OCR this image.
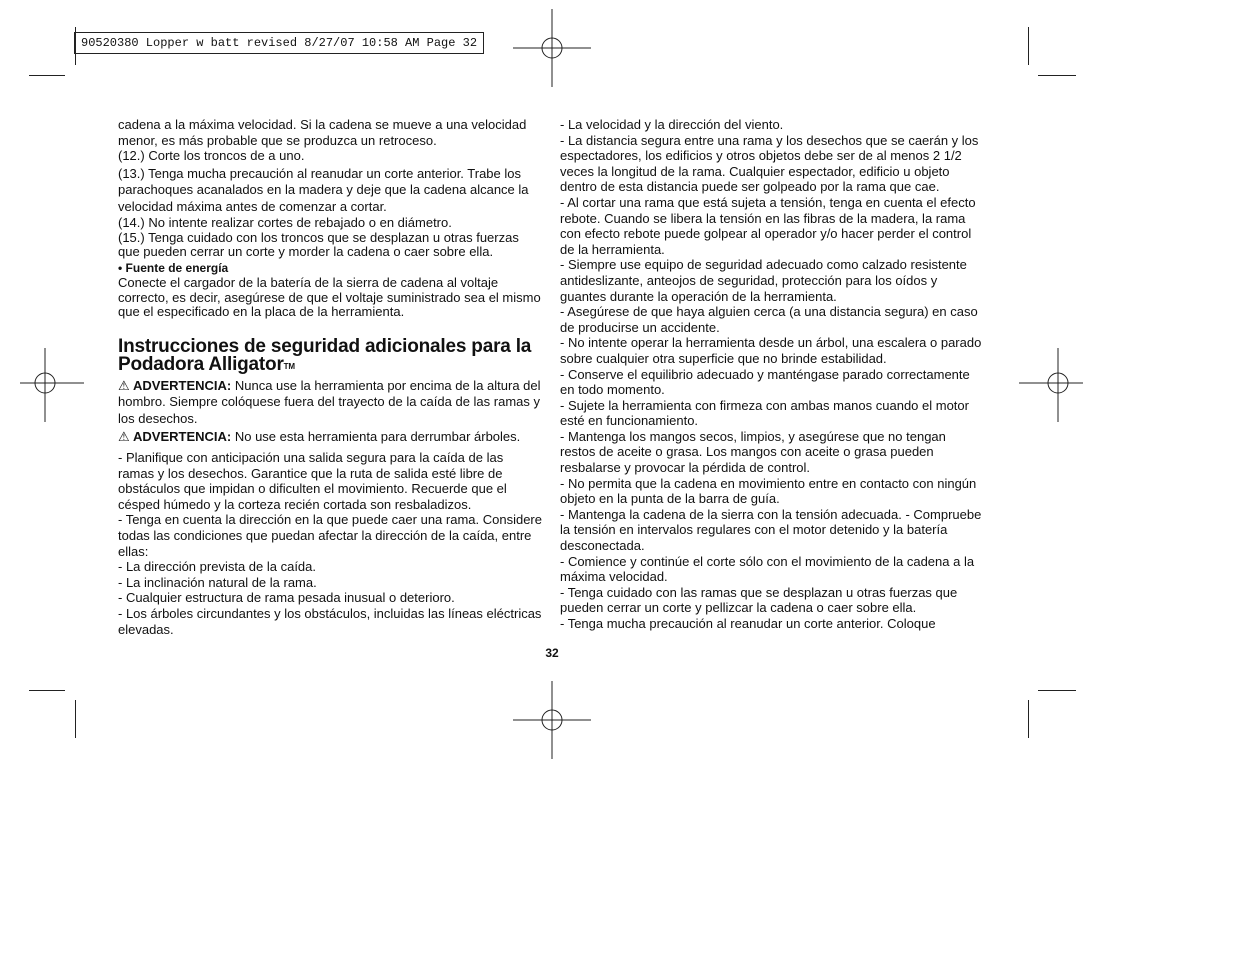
90520380 Lopper w batt revised 8/27/07 10:58 AM Page 32

cadena a la máxima velocidad. Si la cadena se mueve a una velocidad menor, es más probable que se produzca un retroceso.

(12.) Corte los troncos de a uno.

(13.) Tenga mucha precaución al reanudar un corte anterior. Trabe los parachoques acanalados en la madera y deje que la cadena alcance la velocidad máxima antes de comenzar a cortar.

(14.) No intente realizar cortes de rebajado o en diámetro.

(15.) Tenga cuidado con los troncos que se desplazan u otras fuerzas que pueden cerrar un corte y morder la cadena o caer sobre ella.

• Fuente de energía

Conecte el cargador de la batería de la sierra de cadena al voltaje correcto, es decir, asegúrese de que el voltaje suministrado sea el mismo que el especificado en la placa de la herramienta.

Instrucciones de seguridad adicionales para la Podadora AlligatorTM

⚠ ADVERTENCIA: Nunca use la herramienta por encima de la altura del hombro. Siempre colóquese fuera del trayecto de la caída de las ramas y los desechos.

⚠ ADVERTENCIA: No use esta herramienta para derrumbar árboles.

- Planifique con anticipación una salida segura para la caída de las ramas y los desechos. Garantice que la ruta de salida esté libre de obstáculos que impidan o dificulten el movimiento. Recuerde que el césped húmedo y la corteza recién cortada son resbaladizos.

- Tenga en cuenta la dirección en la que puede caer una rama. Considere todas las condiciones que puedan afectar la dirección de la caída, entre ellas:

- La dirección prevista de la caída.

- La inclinación natural de la rama.

- Cualquier estructura de rama pesada inusual o deterioro.

- Los árboles circundantes y los obstáculos, incluidas las líneas eléctricas elevadas.

- La velocidad y la dirección del viento.

- La distancia segura entre una rama y los desechos que se caerán y los espectadores, los edificios y otros objetos debe ser de al menos 2 1/2 veces la longitud de la rama. Cualquier espectador, edificio u objeto dentro de esta distancia puede ser golpeado por la rama que cae.

- Al cortar una rama que está sujeta a tensión, tenga en cuenta el efecto rebote. Cuando se libera la tensión en las fibras de la madera, la rama con efecto rebote puede golpear al operador y/o hacer perder el control de la herramienta.

- Siempre use equipo de seguridad adecuado como calzado resistente antideslizante, anteojos de seguridad, protección para los oídos y guantes durante la operación de la herramienta.

- Asegúrese de que haya alguien cerca (a una distancia segura) en caso de producirse un accidente.

- No intente operar la herramienta desde un árbol, una escalera o parado sobre cualquier otra superficie que no brinde estabilidad.

- Conserve el equilibrio adecuado y manténgase parado correctamente en todo momento.

- Sujete la herramienta con firmeza con ambas manos cuando el motor esté en funcionamiento.

- Mantenga los mangos secos, limpios, y asegúrese que no tengan restos de aceite o grasa. Los mangos con aceite o grasa pueden resbalarse y provocar la pérdida de control.

- No permita que la cadena en movimiento entre en contacto con ningún objeto en la punta de la barra de guía.

- Mantenga la cadena de la sierra con la tensión adecuada. - Compruebe la tensión en intervalos regulares con el motor detenido y la batería desconectada.

- Comience y continúe el corte sólo con el movimiento de la cadena a la máxima velocidad.

- Tenga cuidado con las ramas que se desplazan u otras fuerzas que pueden cerrar un corte y pellizcar la cadena o caer sobre ella.

- Tenga mucha precaución al reanudar un corte anterior. Coloque

32
